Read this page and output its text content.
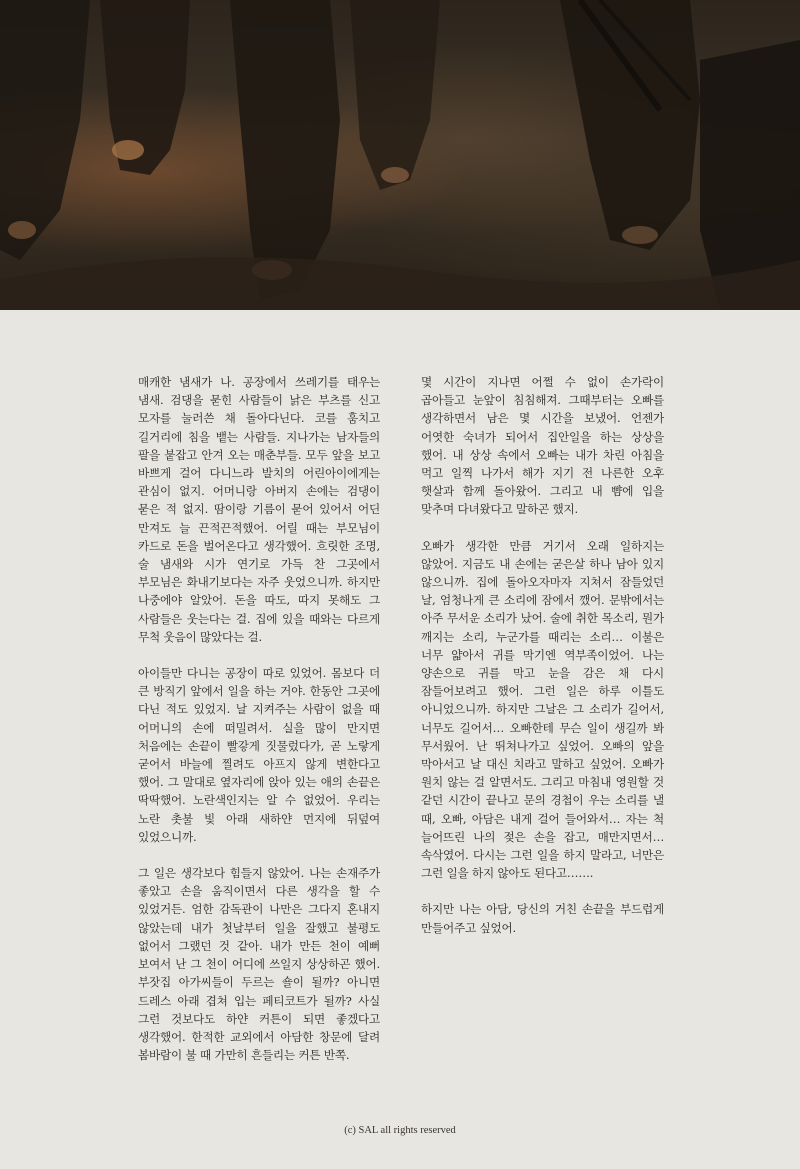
매캐한 냄새가 나. 공장에서 쓰레기를 태우는 냄새. 검댕을 묻힌 사람들이 낡은 부츠를 신고 모자를 눌러쓴 채 돌아다닌다. 코를 훔치고 길거리에 침을 뱉는 사람들. 지나가는 남자들의 팔을 붙잡고 안겨 오는 매춘부들. 모두 앞을 보고 바쁘게 걸어 다니느라 발치의 어린아이에게는 관심이 없지. 어머니랑 아버지 손에는 검댕이 묻은 적 없지. 땀이랑 기름이 묻어 있어서 어딘 만져도 늘 끈적끈적했어. 어릴 때는 부모님이 카드로 돈을 벌어온다고 생각했어. 흐릿한 조명, 술 냄새와 시가 연기로 가득 찬 그곳에서 부모님은 화내기보다는 자주 웃었으니까. 하지만 나중에야 알았어. 돈을 따도, 따지 못해도 그 사람들은 웃는다는 걸. 집에 있을 때와는 다르게 무척 웃음이 많았다는 걸.

아이들만 다니는 공장이 따로 있었어. 몸보다 더 큰 방직기 앞에서 일을 하는 거야. 한동안 그곳에 다닌 적도 있었지. 날 지켜주는 사람이 없을 때 어머니의 손에 떠밀려서. 실을 많이 만지면 처음에는 손끝이 빨갛게 짓물렀다가, 곧 노랗게 굳어서 바늘에 찔려도 아프지 않게 변한다고 했어. 그 말대로 옆자리에 앉아 있는 애의 손끝은 딱딱했어. 노란색인지는 알 수 없었어. 우리는 노란 촛불 빛 아래 새하얀 먼지에 뒤덮여 있었으니까.

그 일은 생각보다 힘들지 않았어. 나는 손재주가 좋았고 손을 움직이면서 다른 생각을 할 수 있었거든. 엄한 감독관이 나만은 그다지 혼내지 않았는데 내가 첫날부터 일을 잘했고 불평도 없어서 그랬던 것 같아. 내가 만든 천이 예뻐 보여서 난 그 천이 어디에 쓰일지 상상하곤 했어. 부잣집 아가씨들이 두르는 숄이 될까? 아니면 드레스 아래 겹쳐 입는 페티코트가 될까? 사실 그런 것보다도 하얀 커튼이 되면 좋겠다고 생각했어. 한적한 교외에서 아담한 창문에 달려 봄바람이 불 때 가만히 흔들리는 커튼 반쪽.

몇 시간이 지나면 어쩔 수 없이 손가락이 곱아들고 눈앞이 침침해져. 그때부터는 오빠를 생각하면서 남은 몇 시간을 보냈어. 언젠가 어엿한 숙녀가 되어서 집안일을 하는 상상을 했어. 내 상상 속에서 오빠는 내가 차린 아침을 먹고 일찍 나가서 해가 지기 전 나른한 오후 햇살과 함께 돌아왔어. 그리고 내 뺨에 입을 맞추며 다녀왔다고 말하곤 했지.

오빠가 생각한 만큼 거기서 오래 일하지는 않았어. 지금도 내 손에는 굳은살 하나 남아 있지 않으니까. 집에 돌아오자마자 지쳐서 잠들었던 날, 엄청나게 큰 소리에 잠에서 깼어. 문밖에서는 아주 무서운 소리가 났어. 술에 취한 목소리, 뭔가 깨지는 소리, 누군가를 때리는 소리… 이불은 너무 얇아서 귀를 막기엔 역부족이었어. 나는 양손으로 귀를 막고 눈을 감은 채 다시 잠들어보려고 했어. 그런 일은 하루 이틀도 아니었으니까. 하지만 그날은 그 소리가 길어서, 너무도 길어서… 오빠한테 무슨 일이 생길까 봐 무서웠어. 난 뛰쳐나가고 싶었어. 오빠의 앞을 막아서고 날 대신 치라고 말하고 싶었어. 오빠가 원치 않는 걸 알면서도. 그리고 마침내 영원할 것 같던 시간이 끝나고 문의 경첩이 우는 소리를 낼 때, 오빠, 아담은 내게 걸어 들어와서… 자는 척 늘어뜨린 나의 젖은 손을 잡고, 매만지면서… 속삭였어. 다시는 그런 일을 하지 말라고, 너만은 그런 일을 하지 않아도 된다고…….

하지만 나는 아담, 당신의 거친 손끝을 부드럽게 만들어주고 싶었어.

(c) SAL all rights reserved
